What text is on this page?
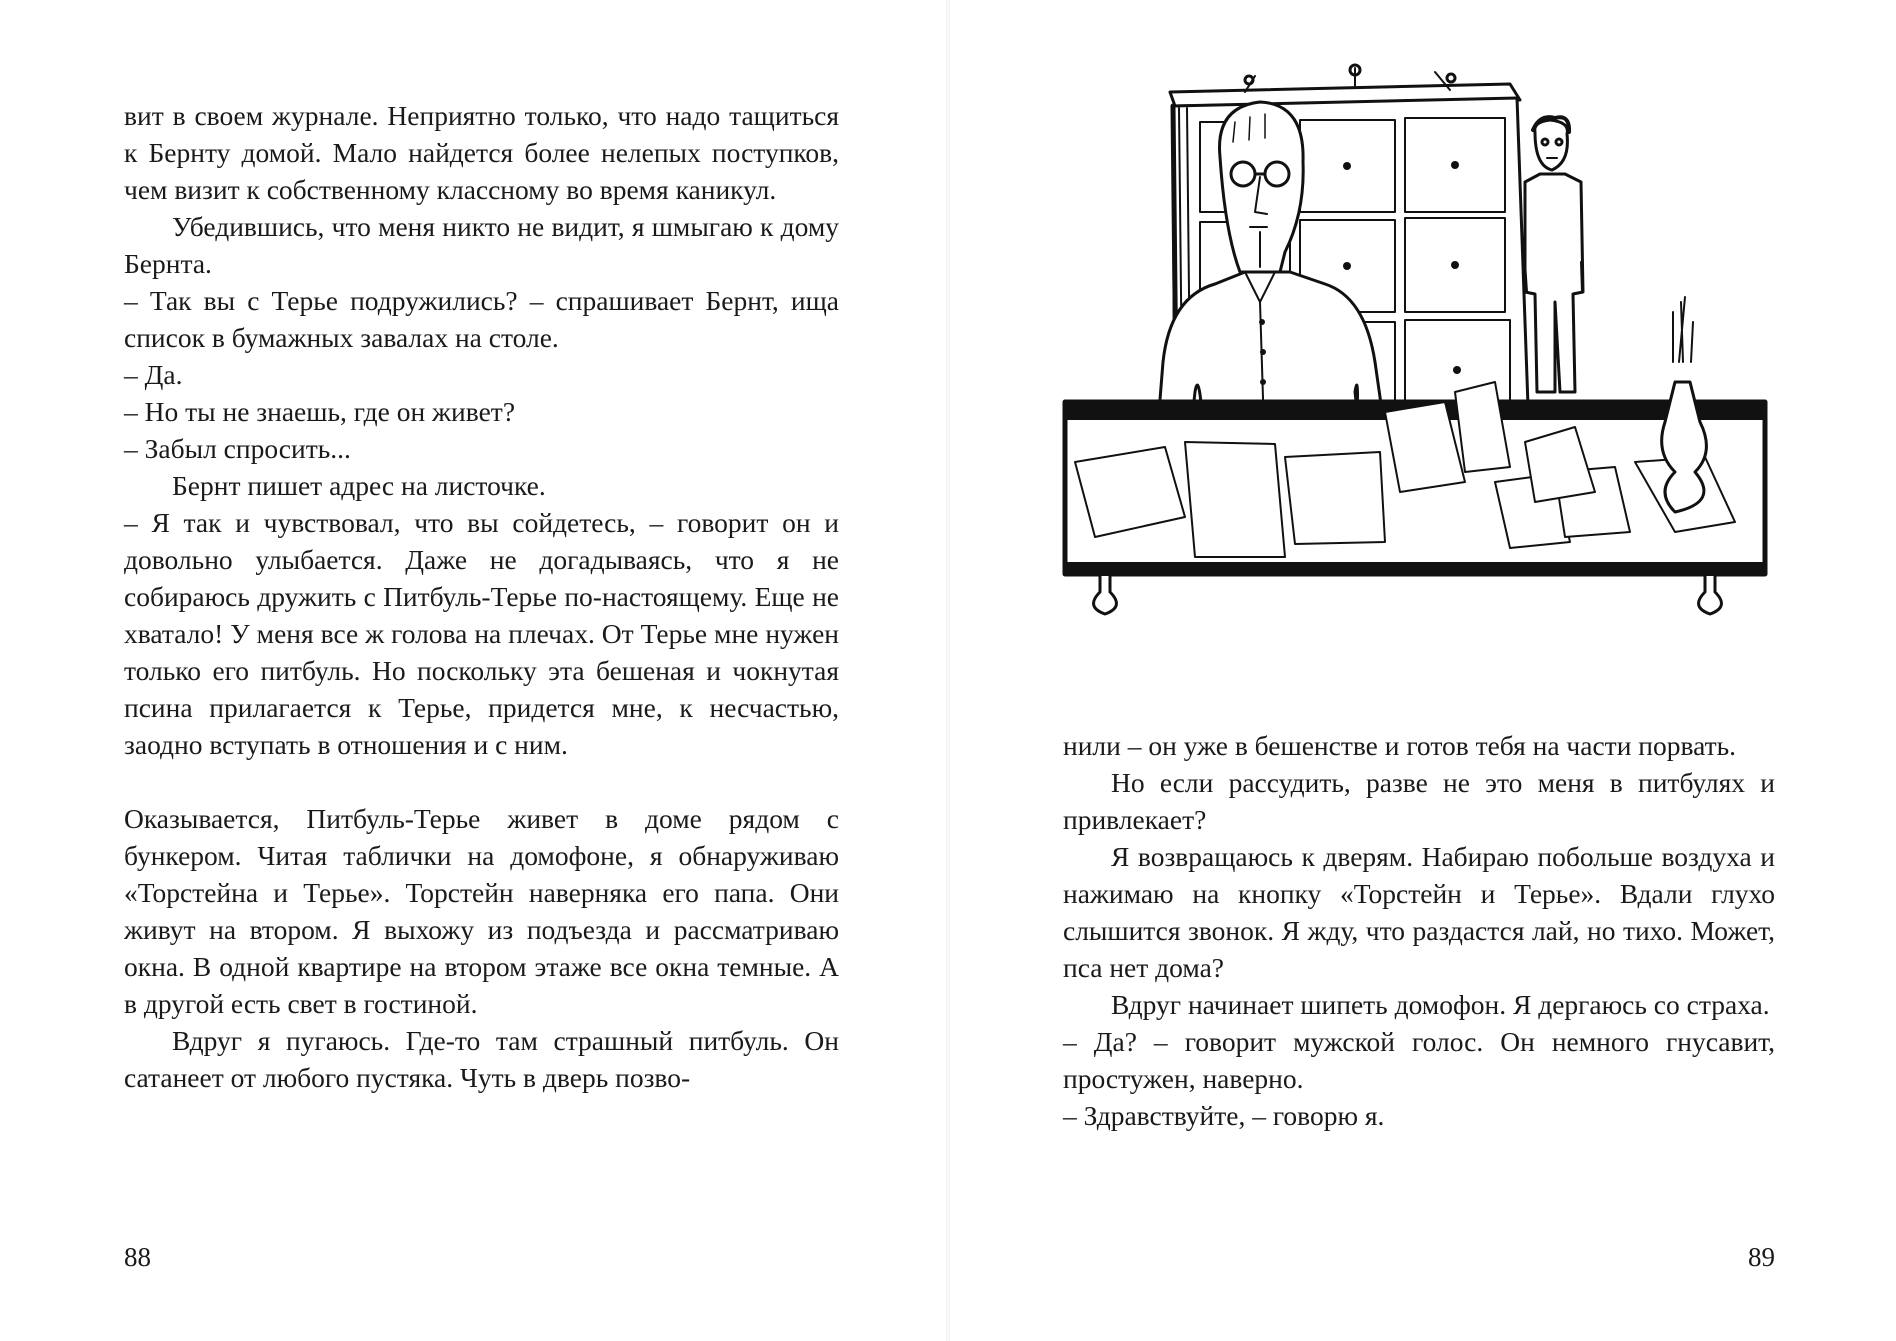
вит в своем журнале. Неприятно только, что надо тащиться к Бернту домой. Мало найдется более нелепых поступков, чем визит к собственному классному во время каникул.

Убедившись, что меня никто не видит, я шмыгаю к дому Бернта.

– Так вы с Терье подружились? – спрашивает Бернт, ища список в бумажных завалах на столе.

– Да.

– Но ты не знаешь, где он живет?

– Забыл спросить...

Бернт пишет адрес на листочке.

– Я так и чувствовал, что вы сойдетесь, – говорит он и довольно улыбается. Даже не догадываясь, что я не собираюсь дружить с Питбуль-Терье по-настоящему. Еще не хватало! У меня все ж голова на плечах. От Терье мне нужен только его питбуль. Но поскольку эта бешеная и чокнутая псина прилагается к Терье, придется мне, к несчастью, заодно вступать в отношения и с ним.

Оказывается, Питбуль-Терье живет в доме рядом с бункером. Читая таблички на домофоне, я обнаруживаю «Торстейна и Терье». Торстейн наверняка его папа. Они живут на втором. Я выхожу из подъезда и рассматриваю окна. В одной квартире на втором этаже все окна темные. А в другой есть свет в гостиной.

Вдруг я пугаюсь. Где-то там страшный питбуль. Он сатанеет от любого пустяка. Чуть в дверь позво-

88

нили – он уже в бешенстве и готов тебя на части порвать.

Но если рассудить, разве не это меня в питбулях и привлекает?

Я возвращаюсь к дверям. Набираю побольше воздуха и нажимаю на кнопку «Торстейн и Терье». Вдали глухо слышится звонок. Я жду, что раздастся лай, но тихо. Может, пса нет дома?

Вдруг начинает шипеть домофон. Я дергаюсь со страха.

– Да? – говорит мужской голос. Он немного гнусавит, простужен, наверно.

– Здравствуйте, – говорю я.

89
